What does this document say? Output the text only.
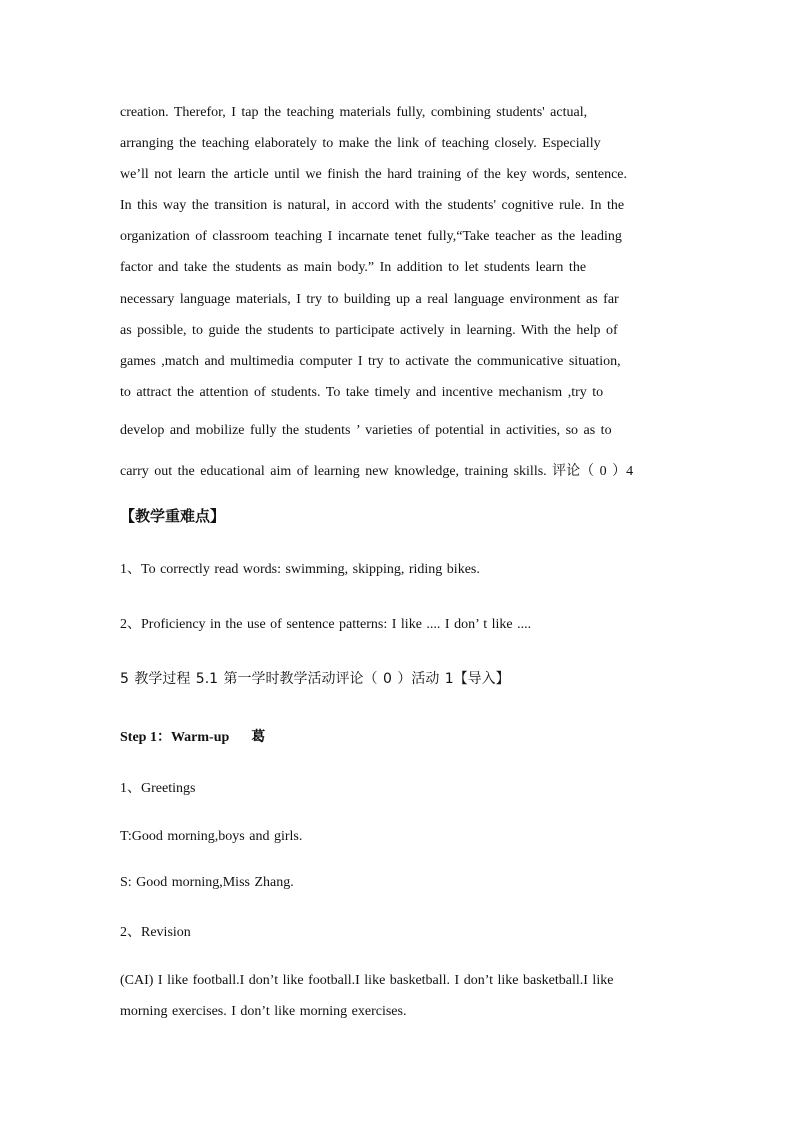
creation. Therefor, I tap the teaching materials fully, combining students' actual,
arranging the teaching elaborately to make the link of teaching closely. Especially
we’ll not learn the article until we finish the hard training of the key words, sentence.
In this way the transition is natural, in accord with the students' cognitive rule. In the
organization of classroom teaching I incarnate tenet fully,“Take teacher as the leading
factor and take the students as main body.” In addition to let students learn the
necessary language materials, I try to building up a real language environment as far
as possible, to guide the students to participate actively in learning. With the help of
games ,match and multimedia computer I try to activate the communicative situation,
to attract the attention of students. To take timely and incentive mechanism ,try to
develop and mobilize fully the students ’ varieties of potential in activities, so as to
carry out the educational aim of learning new knowledge, training skills. 评论（ 0 ）4
【教学重难点】
1、To correctly read words: swimming, skipping, riding bikes.
2、Proficiency in the use of sentence patterns: I like .... I don’ t like ....
5 教学过程 5.1 第一学时教学活动评论（ 0 ）活动 1【导入】
Step 1：Warm-up 葛
1、Greetings
T:Good morning,boys and girls.
S: Good morning,Miss Zhang.
2、Revision
(CAI) I like football.I don’t like football.I like basketball. I don’t like basketball.I like
morning exercises. I don’t like morning exercises.
